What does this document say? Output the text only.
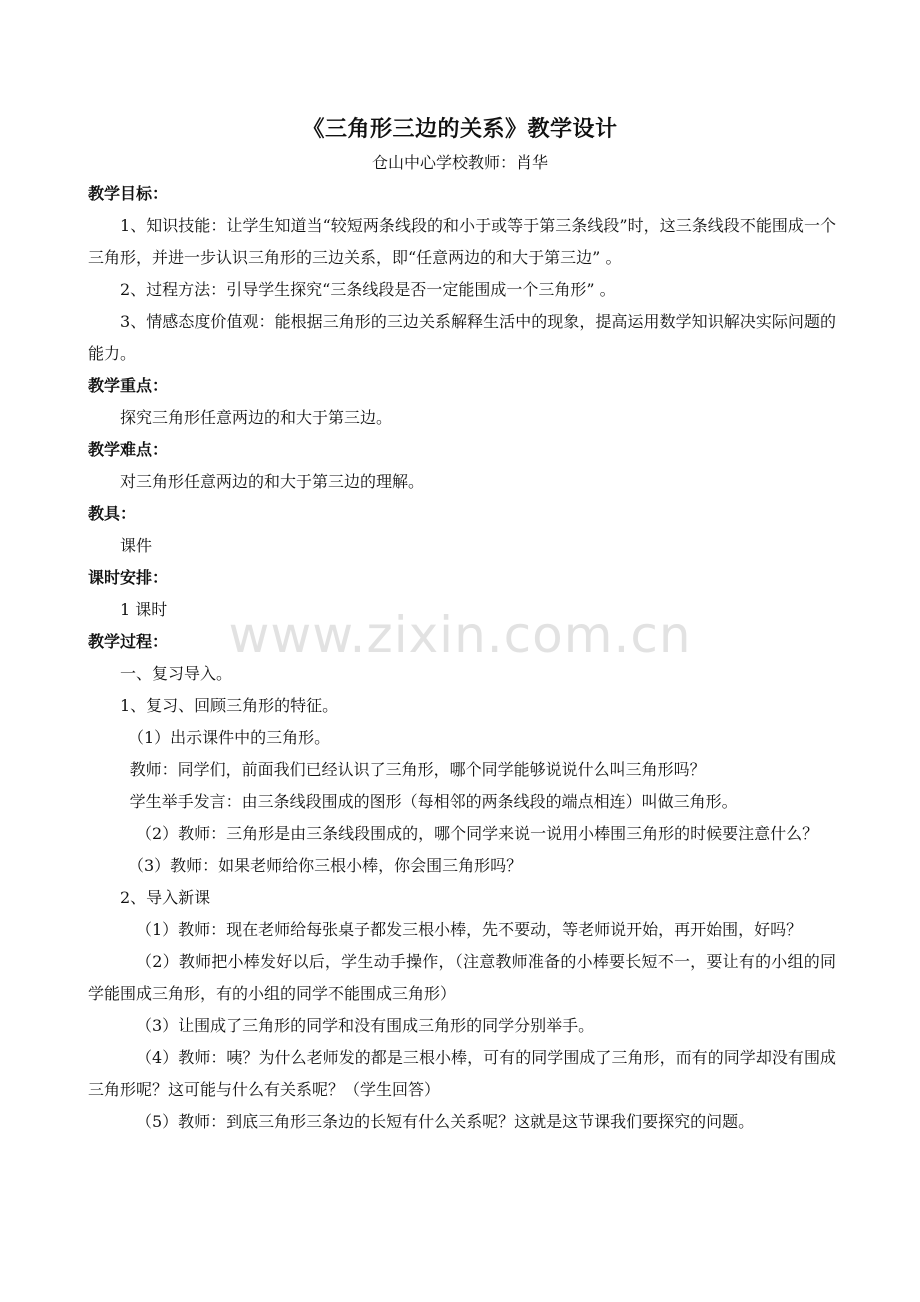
《三角形三边的关系》教学设计
仓山中心学校教师：肖华
教学目标：
1、知识技能：让学生知道当“较短两条线段的和小于或等于第三条线段”时，这三条线段不能围成一个三角形，并进一步认识三角形的三边关系，即“任意两边的和大于第三边” 。
2、过程方法：引导学生探究“三条线段是否一定能围成一个三角形” 。
3、情感态度价值观：能根据三角形的三边关系解释生活中的现象，提高运用数学知识解决实际问题的能力。
教学重点：
探究三角形任意两边的和大于第三边。
教学难点：
对三角形任意两边的和大于第三边的理解。
教具：
课件
课时安排：
1 课时
教学过程：
一、复习导入。
1、复习、回顾三角形的特征。
（1）出示课件中的三角形。
教师：同学们，前面我们已经认识了三角形，哪个同学能够说说什么叫三角形吗？
学生举手发言：由三条线段围成的图形（每相邻的两条线段的端点相连）叫做三角形。
（2）教师：三角形是由三条线段围成的，哪个同学来说一说用小棒围三角形的时候要注意什么？
（3）教师：如果老师给你三根小棒，你会围三角形吗？
2、导入新课
（1）教师：现在老师给每张桌子都发三根小棒，先不要动，等老师说开始，再开始围，好吗？
（2）教师把小棒发好以后，学生动手操作，（注意教师准备的小棒要长短不一，要让有的小组的同学能围成三角形，有的小组的同学不能围成三角形）
（3）让围成了三角形的同学和没有围成三角形的同学分别举手。
（4）教师：咦？为什么老师发的都是三根小棒，可有的同学围成了三角形，而有的同学却没有围成三角形呢？这可能与什么有关系呢？（学生回答）
（5）教师：到底三角形三条边的长短有什么关系呢？这就是这节课我们要探究的问题。
www.zixin.com.cn
